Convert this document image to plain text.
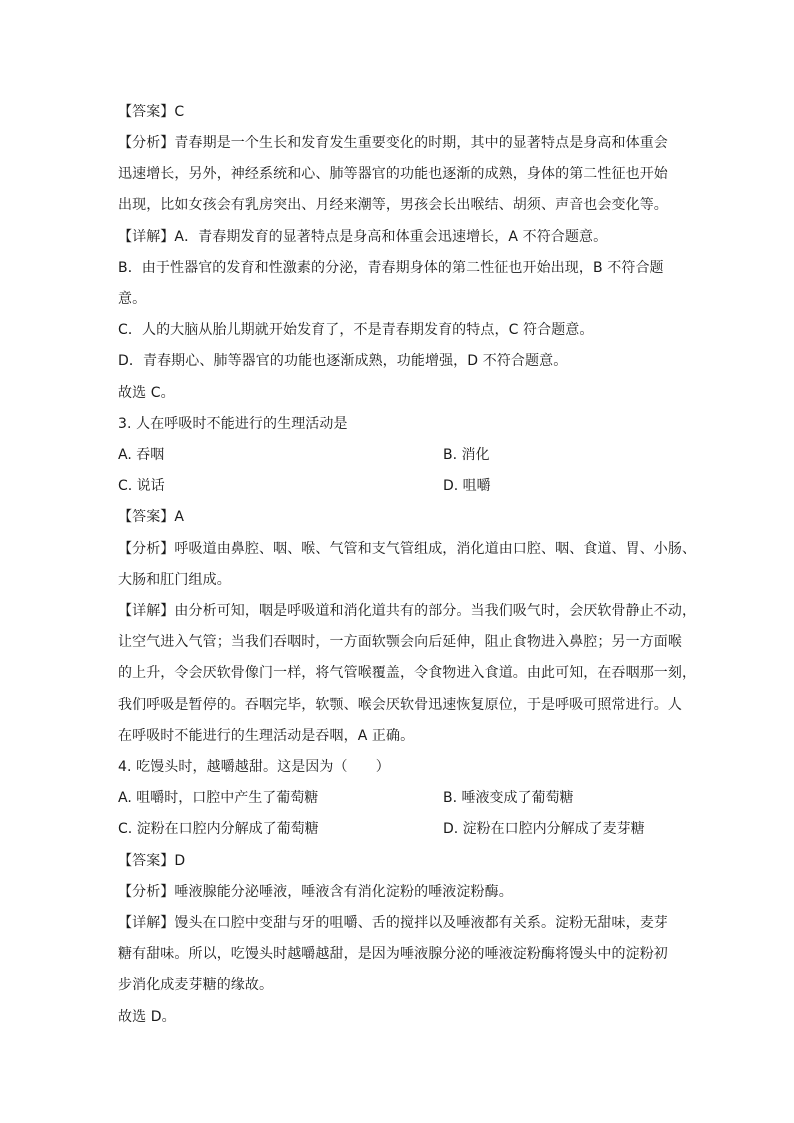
【答案】C
【分析】青春期是一个生长和发育发生重要变化的时期，其中的显著特点是身高和体重会
迅速增长，另外，神经系统和心、肺等器官的功能也逐渐的成熟，身体的第二性征也开始
出现，比如女孩会有乳房突出、月经来潮等，男孩会长出喉结、胡须、声音也会变化等。
【详解】A．青春期发育的显著特点是身高和体重会迅速增长，A 不符合题意。
B．由于性器官的发育和性激素的分泌，青春期身体的第二性征也开始出现，B 不符合题
意。
C．人的大脑从胎儿期就开始发育了，不是青春期发育的特点，C 符合题意。
D．青春期心、肺等器官的功能也逐渐成熟，功能增强，D 不符合题意。
故选 C。
3. 人在呼吸时不能进行的生理活动是
A. 吞咽	B. 消化
C. 说话	D. 咀嚼
【答案】A
【分析】呼吸道由鼻腔、咽、喉、气管和支气管组成，消化道由口腔、咽、食道、胃、小肠、
大肠和肛门组成。
【详解】由分析可知，咽是呼吸道和消化道共有的部分。当我们吸气时，会厌软骨静止不动，
让空气进入气管；当我们吞咽时，一方面软颚会向后延伸，阻止食物进入鼻腔；另一方面喉
的上升，令会厌软骨像门一样，将气管喉覆盖，令食物进入食道。由此可知，在吞咽那一刻，
我们呼吸是暂停的。吞咽完毕，软颚、喉会厌软骨迅速恢复原位，于是呼吸可照常进行。人
在呼吸时不能进行的生理活动是吞咽，A 正确。
4. 吃馒头时，越嚼越甜。这是因为（　　）
A. 咀嚼时，口腔中产生了葡萄糖	B. 唾液变成了葡萄糖
C. 淀粉在口腔内分解成了葡萄糖	D. 淀粉在口腔内分解成了麦芽糖
【答案】D
【分析】唾液腺能分泌唾液，唾液含有消化淀粉的唾液淀粉酶。
【详解】馒头在口腔中变甜与牙的咀嚼、舌的搅拌以及唾液都有关系。淀粉无甜味，麦芽
糖有甜味。所以，吃馒头时越嚼越甜，是因为唾液腺分泌的唾液淀粉酶将馒头中的淀粉初
步消化成麦芽糖的缘故。
故选 D。
